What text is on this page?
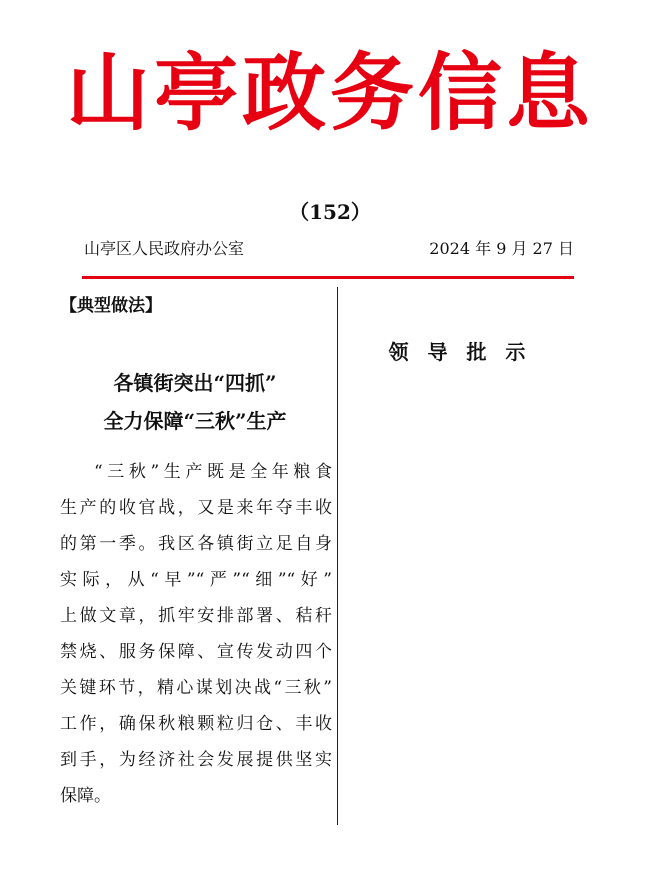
山亭政务信息
（152）
山亭区人民政府办公室	2024 年 9 月 27 日
【典型做法】
各镇街突出“四抓”
全力保障“三秋”生产
“三秋”生产既是全年粮食
生产的收官战，又是来年夺丰收
的第一季。我区各镇街立足自身
实际，从“早”“严”“细”“好”
上做文章，抓牢安排部署、秸秆
禁烧、服务保障、宣传发动四个
关键环节，精心谋划决战“三秋”
工作，确保秋粮颗粒归仓、丰收
到手，为经济社会发展提供坚实
保障。
领 导 批 示
